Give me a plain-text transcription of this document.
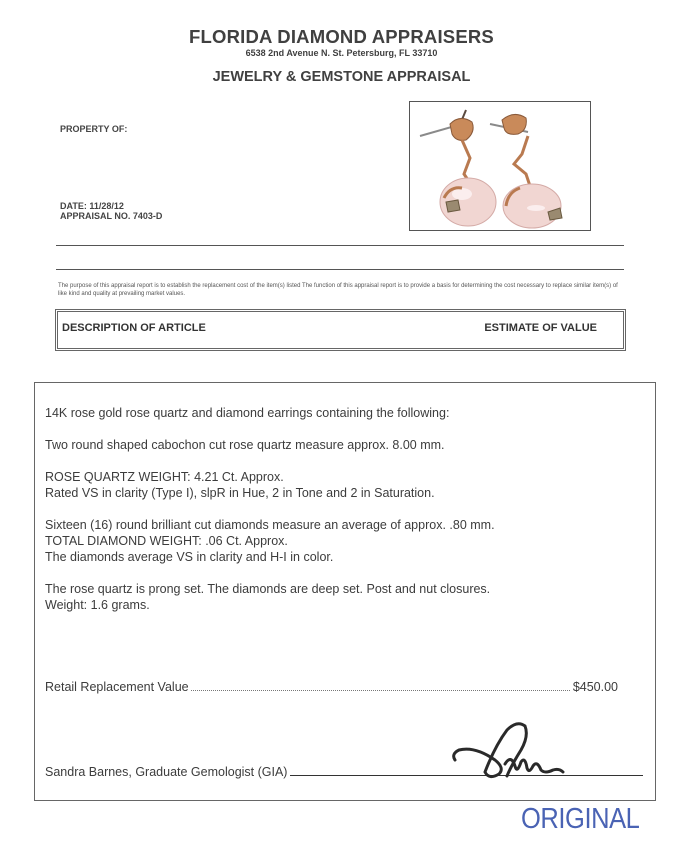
FLORIDA DIAMOND APPRAISERS
6538 2nd Avenue N. St. Petersburg, FL 33710
JEWELRY & GEMSTONE APPRAISAL
PROPERTY OF:
DATE: 11/28/12
APPRAISAL NO. 7403-D
The purpose of this appraisal report is to establish the replacement cost of the item(s) listed The function of this appraisal report is to provide a basis for determining the cost necessary to replace similar item(s) of like kind and quality at prevailing market values.
DESCRIPTION OF ARTICLE	ESTIMATE OF VALUE
14K rose gold rose quartz and diamond earrings containing the following:
Two round shaped cabochon cut rose quartz measure approx. 8.00 mm.
ROSE QUARTZ WEIGHT: 4.21 Ct. Approx.
Rated VS in clarity (Type I), slpR in Hue, 2 in Tone and 2 in Saturation.
Sixteen (16) round brilliant cut diamonds measure an average of approx. .80 mm.
TOTAL DIAMOND WEIGHT: .06 Ct. Approx.
The diamonds average VS in clarity and H-I in color.
The rose quartz is prong set. The diamonds are deep set. Post and nut closures.
Weight: 1.6 grams.
Retail Replacement Value	$450.00
Sandra Barnes, Graduate Gemologist (GIA)
ORIGINAL
